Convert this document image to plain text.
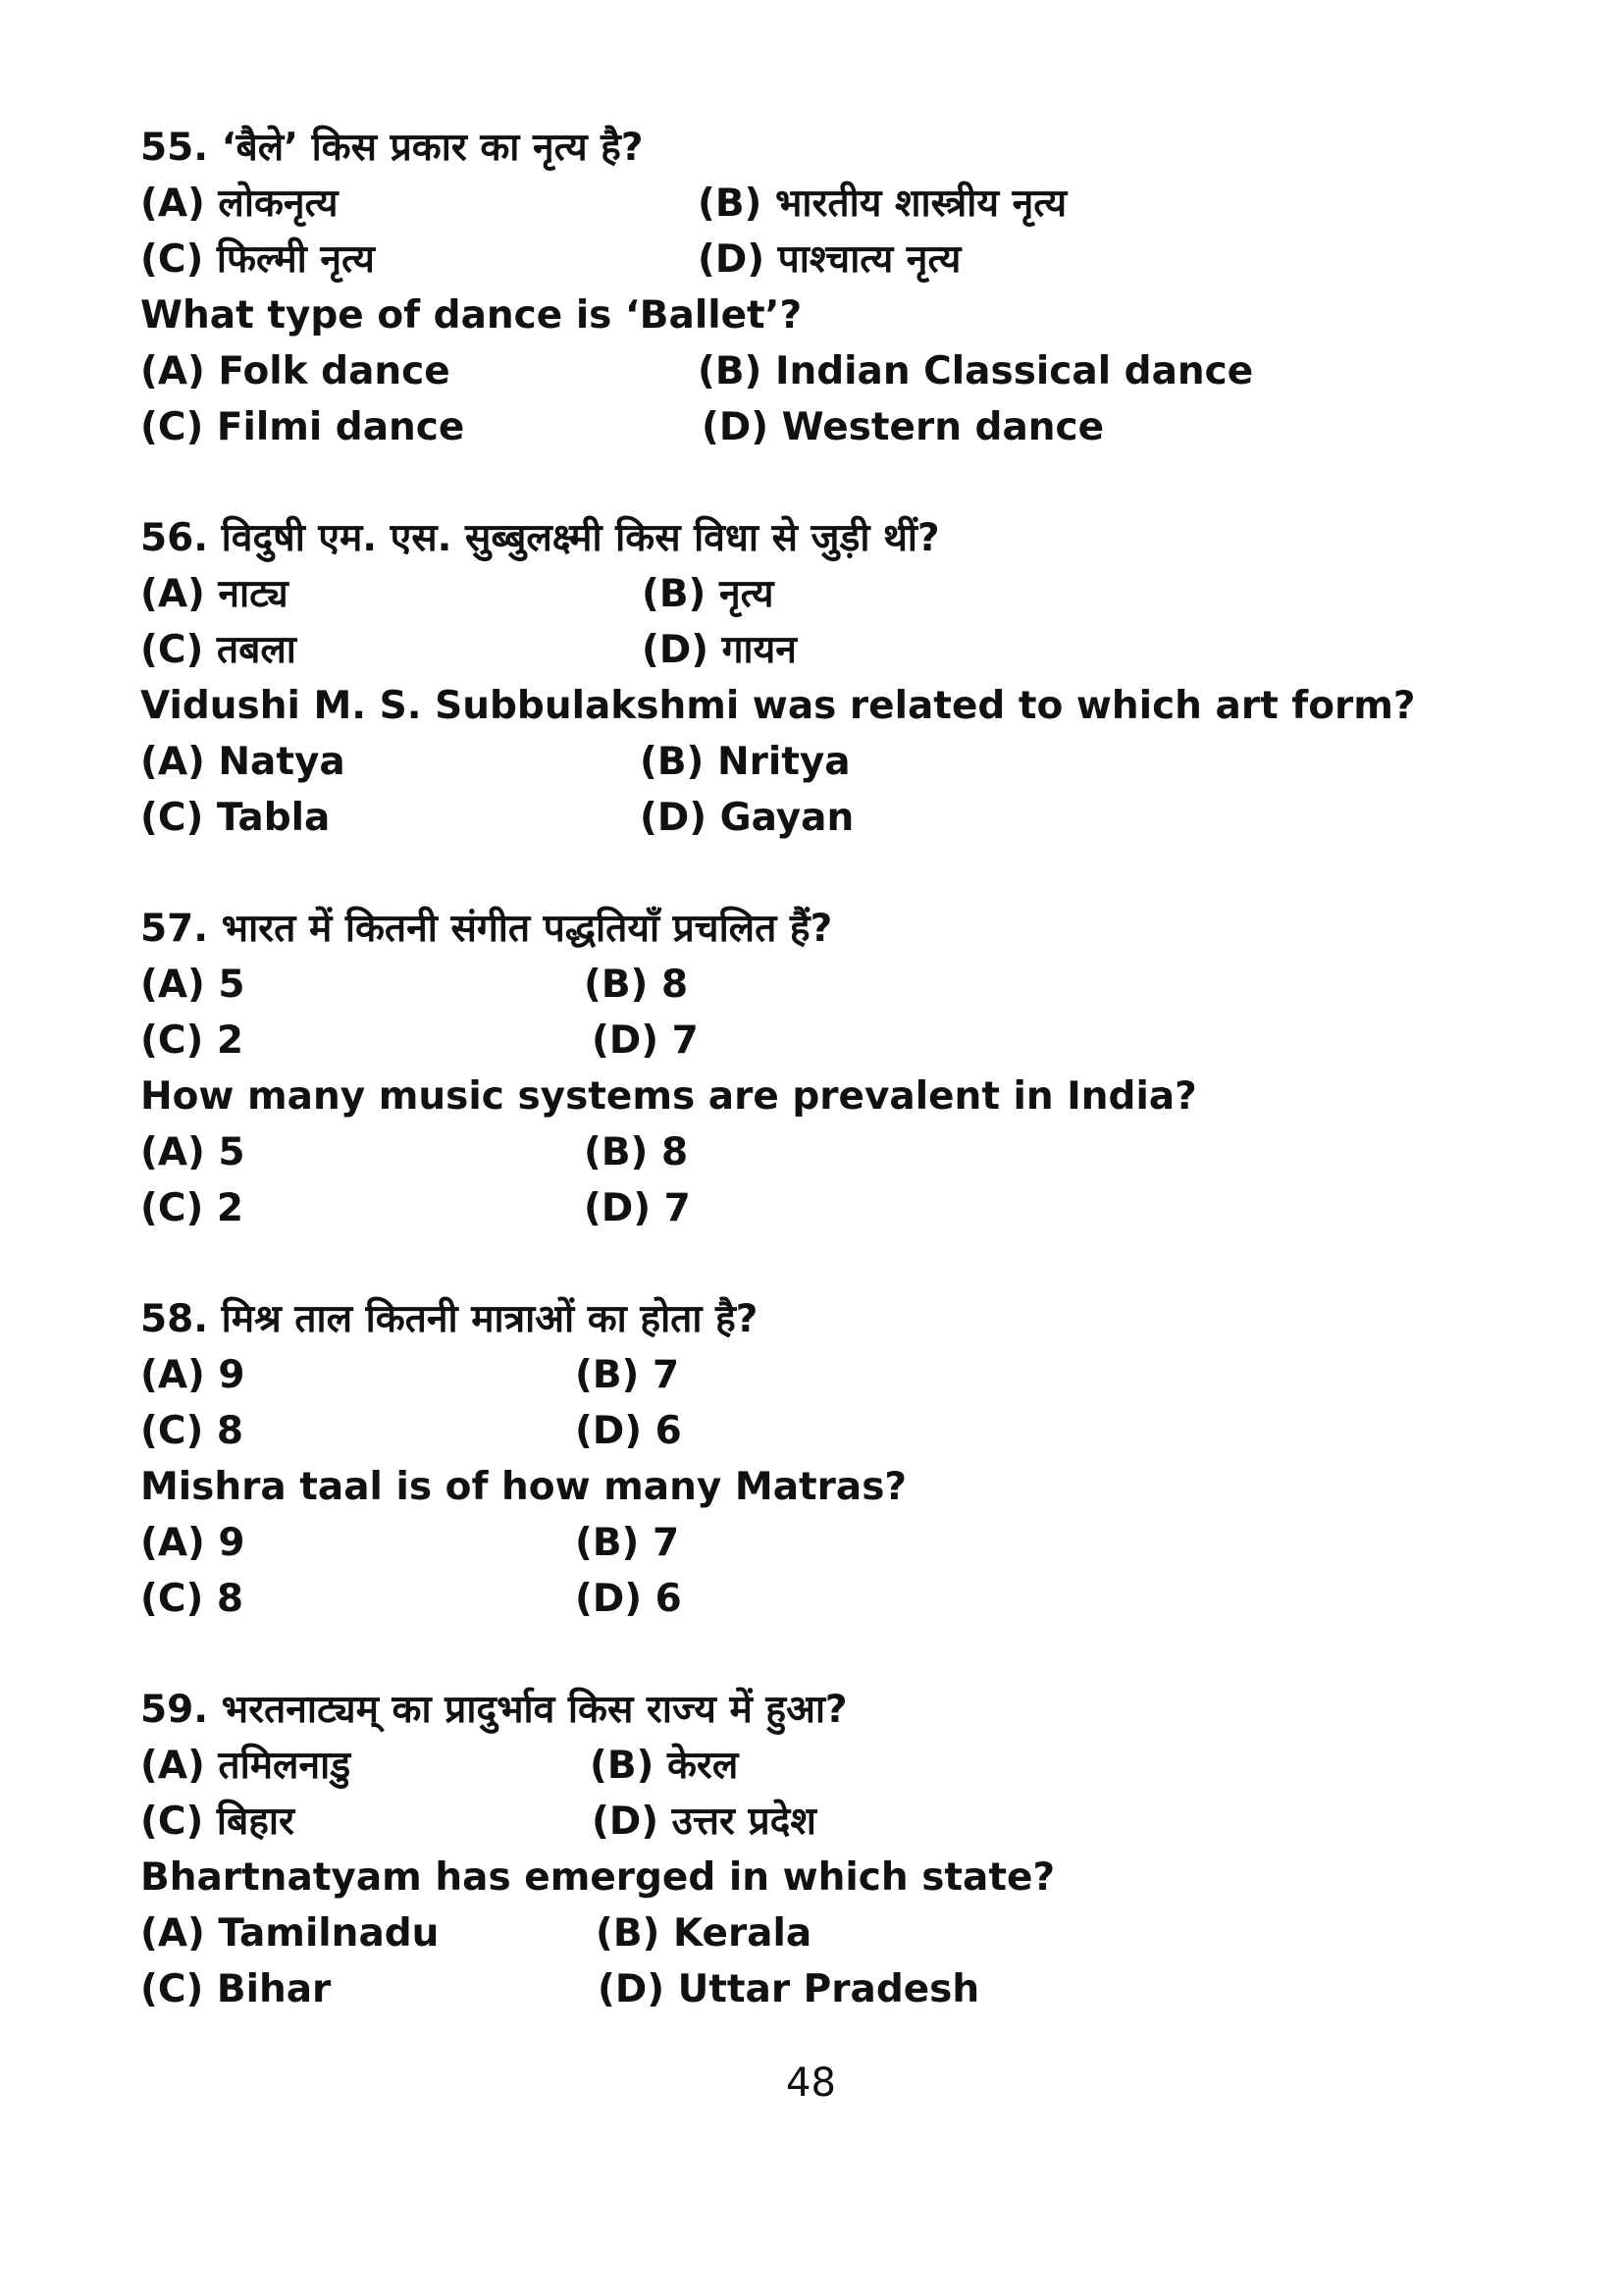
55. ‘बैले’ किस प्रकार का नृत्य है?
(A) लोकनृत्य	(B) भारतीय शास्त्रीय नृत्य
(C) फिल्मी नृत्य	(D) पाश्चात्य नृत्य
What type of dance is ‘Ballet’?
(A) Folk dance	(B) Indian Classical dance
(C) Filmi dance	(D) Western dance
56. विदुषी एम. एस. सुब्बुलक्ष्मी किस विधा से जुड़ी थीं?
(A) नाट्य	(B) नृत्य
(C) तबला	(D) गायन
Vidushi M. S. Subbulakshmi was related to which art form?
(A) Natya	(B) Nritya
(C) Tabla	(D) Gayan
57. भारत में कितनी संगीत पद्धतियाँ प्रचलित हैं?
(A) 5	(B) 8
(C) 2	(D) 7
How many music systems are prevalent in India?
(A) 5	(B) 8
(C) 2	(D) 7
58. मिश्र ताल कितनी मात्राओं का होता है?
(A) 9	(B) 7
(C) 8	(D) 6
Mishra taal is of how many Matras?
(A) 9	(B) 7
(C) 8	(D) 6
59. भरतनाट्यम् का प्रादुर्भाव किस राज्य में हुआ?
(A) तमिलनाडु	(B) केरल
(C) बिहार	(D) उत्तर प्रदेश
Bhartnatyam has emerged in which state?
(A) Tamilnadu	(B) Kerala
(C) Bihar	(D) Uttar Pradesh
48
